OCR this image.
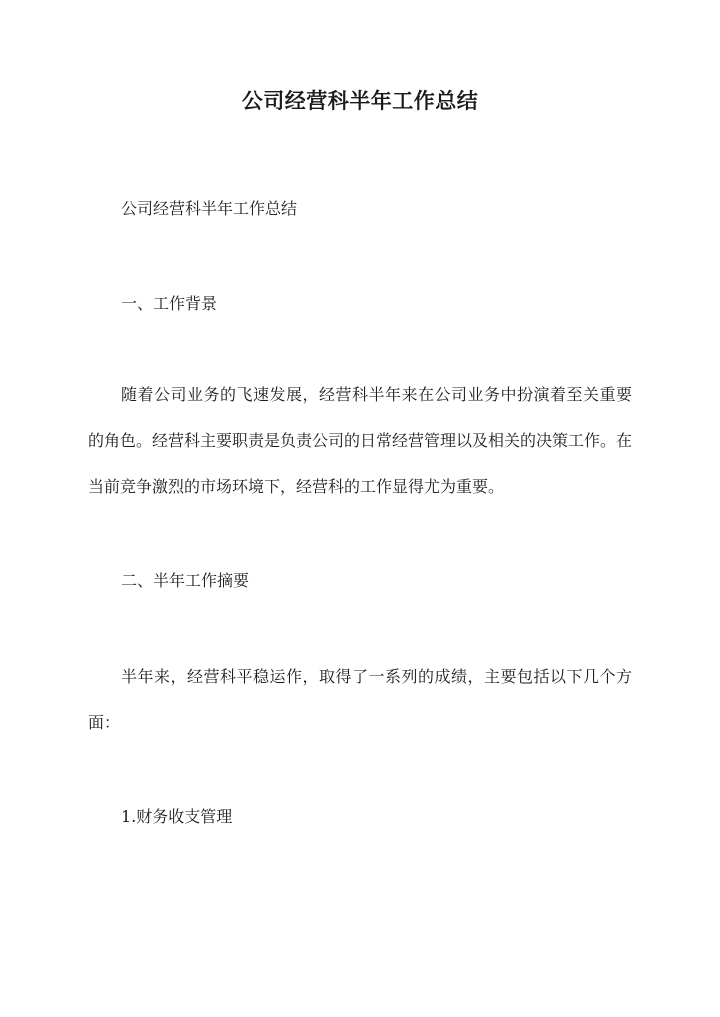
公司经营科半年工作总结
公司经营科半年工作总结
一、工作背景
随着公司业务的飞速发展，经营科半年来在公司业务中扮演着至关重要的角色。经营科主要职责是负责公司的日常经营管理以及相关的决策工作。在当前竞争激烈的市场环境下，经营科的工作显得尤为重要。
二、半年工作摘要
半年来，经营科平稳运作，取得了一系列的成绩，主要包括以下几个方面：
1.财务收支管理
